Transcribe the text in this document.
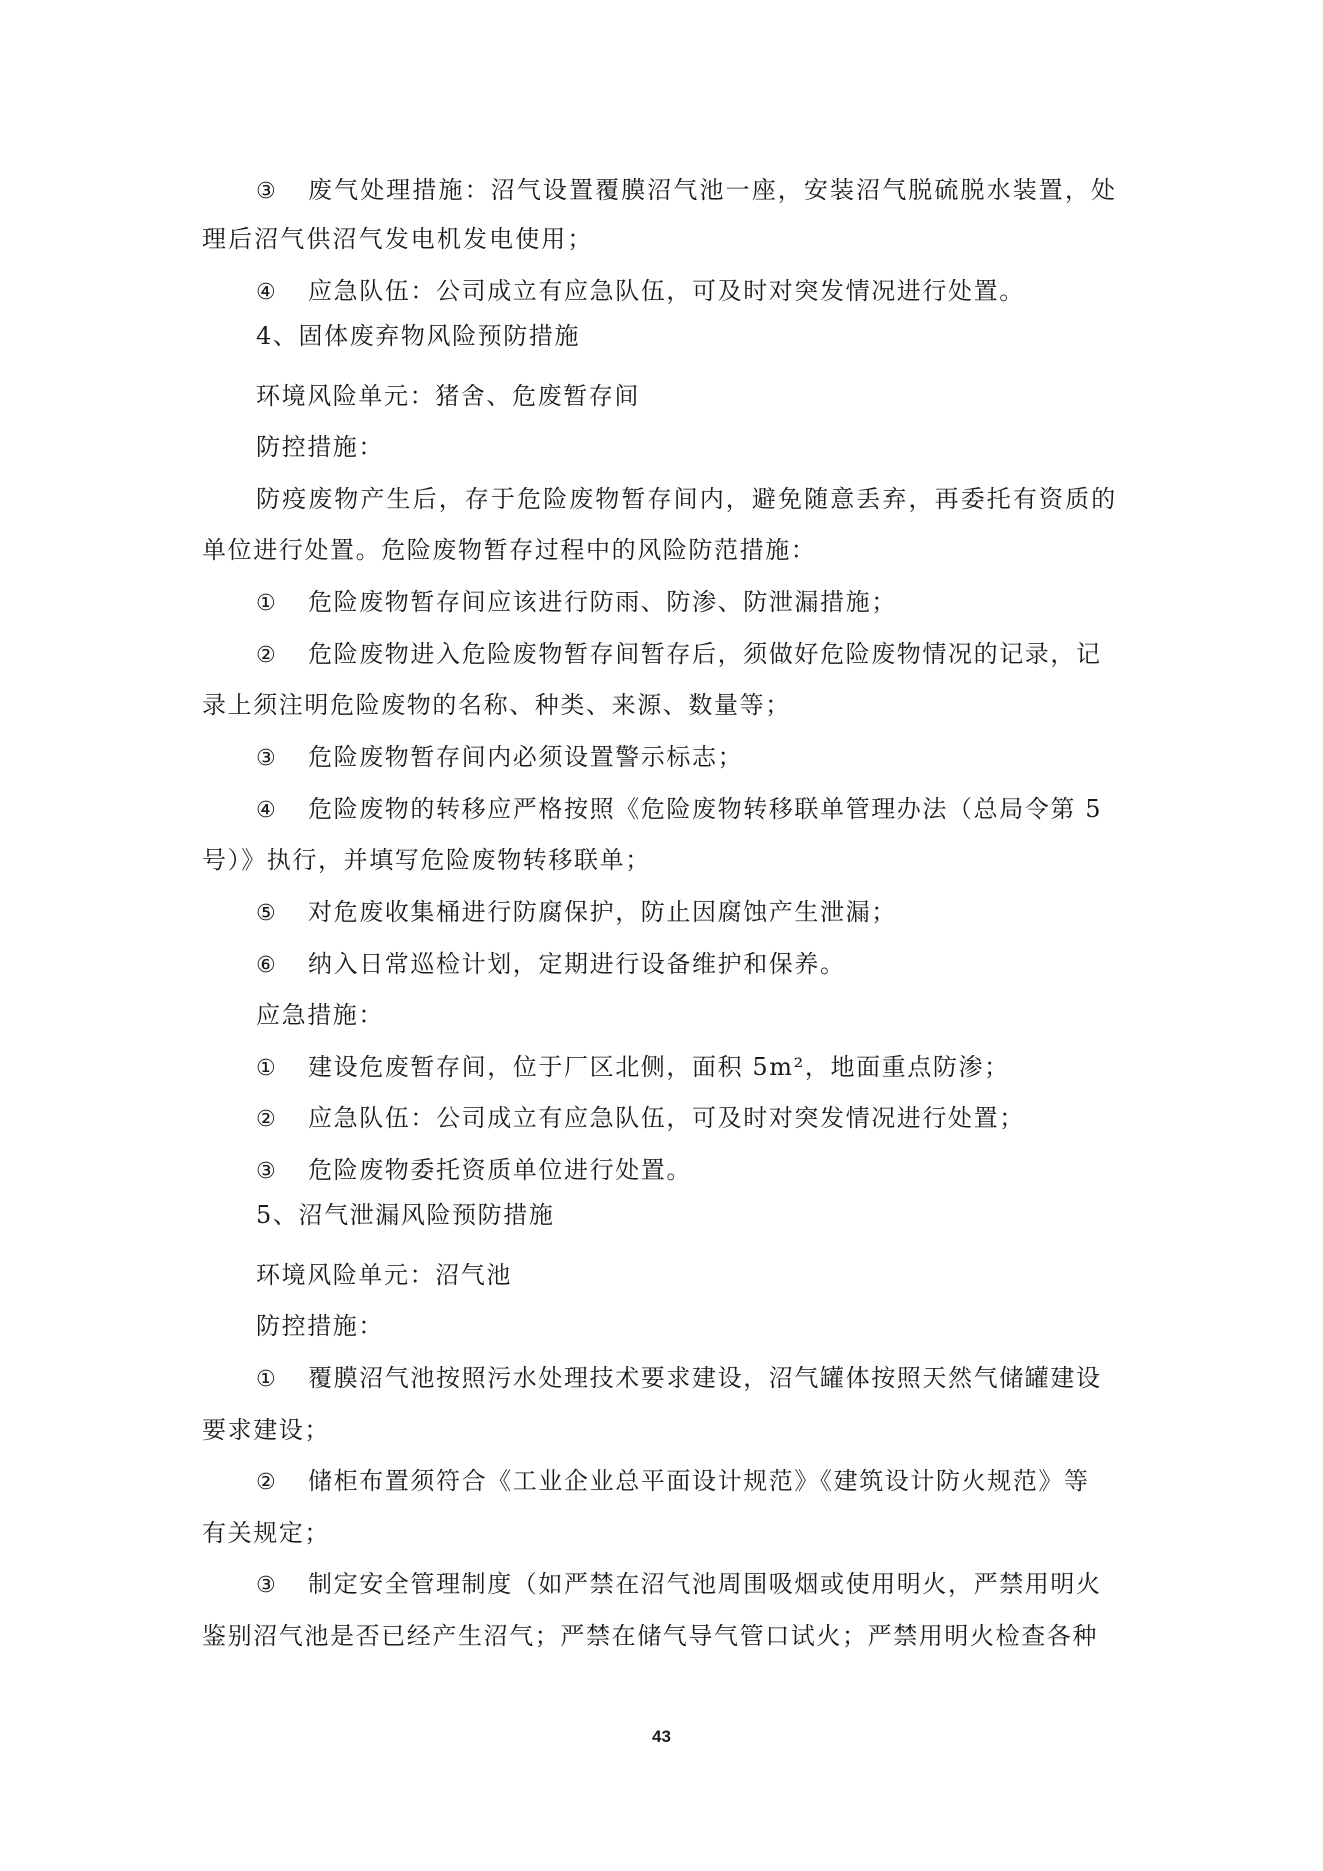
③ 废气处理措施：沼气设置覆膜沼气池一座，安装沼气脱硫脱水装置，处
理后沼气供沼气发电机发电使用；
④ 应急队伍：公司成立有应急队伍，可及时对突发情况进行处置。
4、固体废弃物风险预防措施
环境风险单元：猪舍、危废暂存间
防控措施：
防疫废物产生后，存于危险废物暂存间内，避免随意丢弃，再委托有资质的
单位进行处置。危险废物暂存过程中的风险防范措施：
① 危险废物暂存间应该进行防雨、防渗、防泄漏措施；
② 危险废物进入危险废物暂存间暂存后，须做好危险废物情况的记录，记
录上须注明危险废物的名称、种类、来源、数量等；
③ 危险废物暂存间内必须设置警示标志；
④ 危险废物的转移应严格按照《危险废物转移联单管理办法（总局令第 5
号）》执行，并填写危险废物转移联单；
⑤ 对危废收集桶进行防腐保护，防止因腐蚀产生泄漏；
⑥ 纳入日常巡检计划，定期进行设备维护和保养。
应急措施：
① 建设危废暂存间，位于厂区北侧，面积 5m²，地面重点防渗；
② 应急队伍：公司成立有应急队伍，可及时对突发情况进行处置；
③ 危险废物委托资质单位进行处置。
5、沼气泄漏风险预防措施
环境风险单元：沼气池
防控措施：
① 覆膜沼气池按照污水处理技术要求建设，沼气罐体按照天然气储罐建设
要求建设；
② 储柜布置须符合《工业企业总平面设计规范》《建筑设计防火规范》等
有关规定；
③ 制定安全管理制度（如严禁在沼气池周围吸烟或使用明火，严禁用明火
鉴别沼气池是否已经产生沼气；严禁在储气导气管口试火；严禁用明火检查各种
43
